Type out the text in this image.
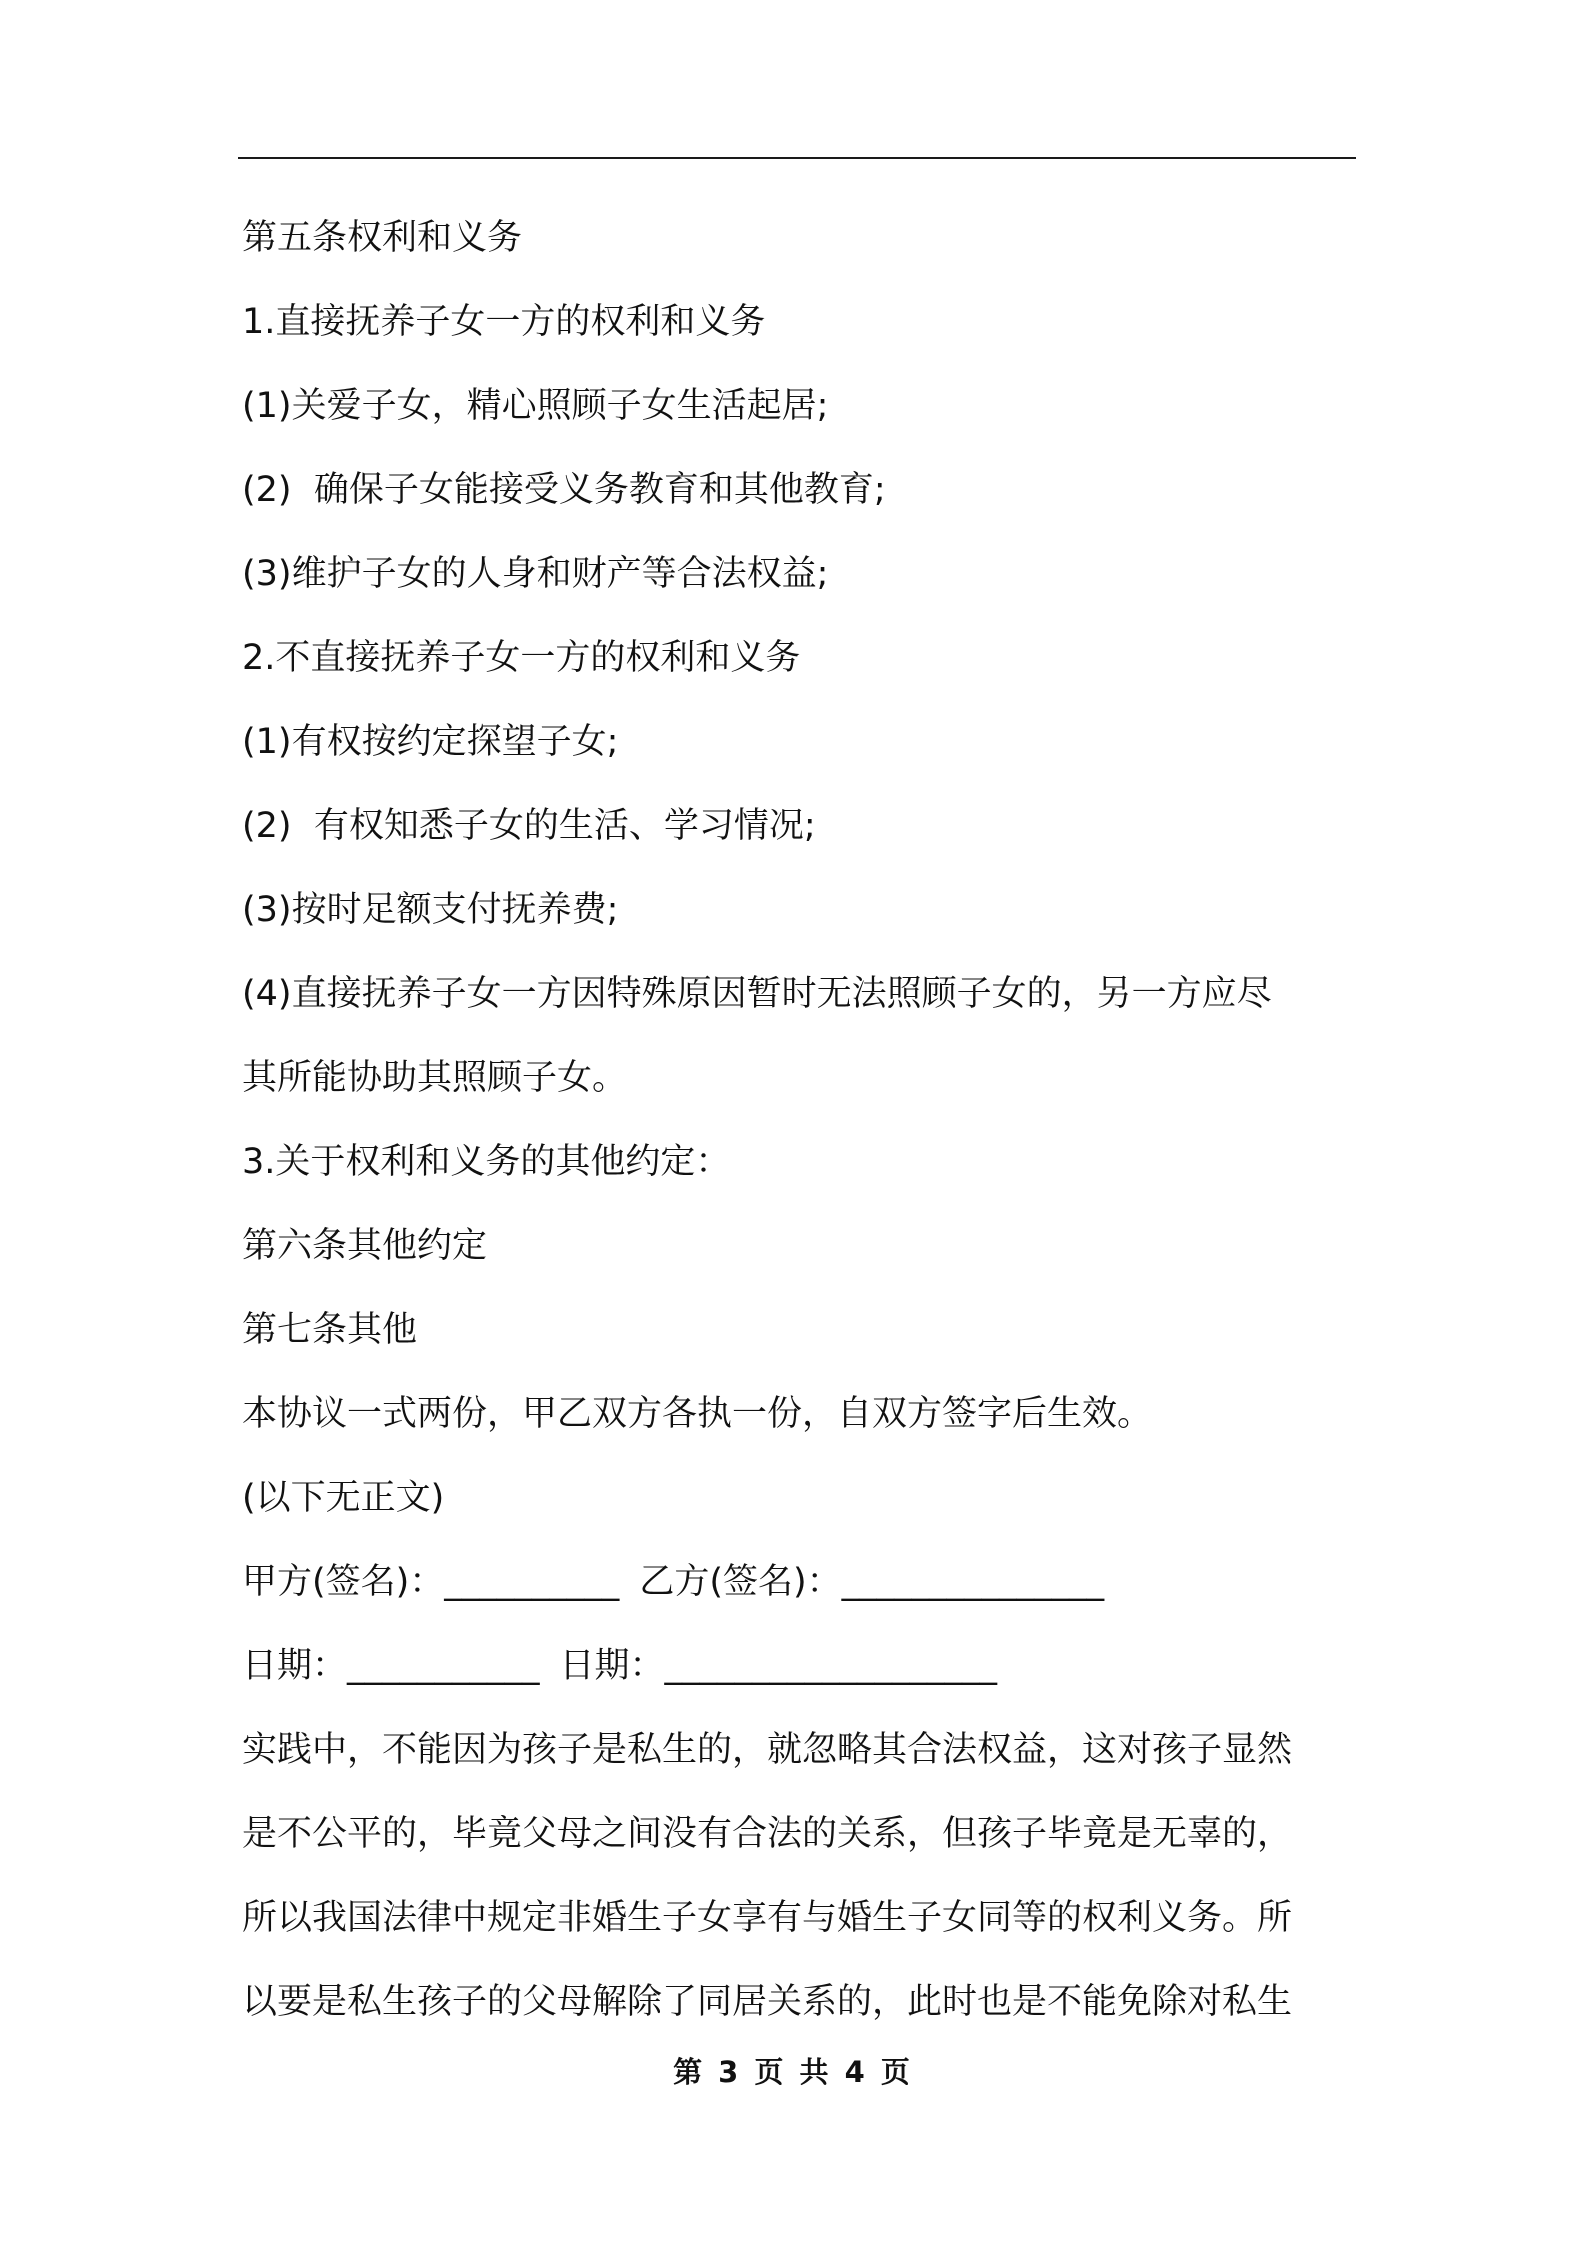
第五条权利和义务
1.直接抚养子女一方的权利和义务
(1)关爱子女，精心照顾子女生活起居;
(2)  确保子女能接受义务教育和其他教育;
(3)维护子女的人身和财产等合法权益;
2.不直接抚养子女一方的权利和义务
(1)有权按约定探望子女;
(2)  有权知悉子女的生活、学习情况;
(3)按时足额支付抚养费;
(4)直接抚养子女一方因特殊原因暂时无法照顾子女的，另一方应尽
其所能协助其照顾子女。
3.关于权利和义务的其他约定：
第六条其他约定
第七条其他
本协议一式两份，甲乙双方各执一份，自双方签字后生效。
(以下无正文)
甲方(签名)：__________ 乙方(签名)：_______________
日期：___________ 日期：___________________
实践中，不能因为孩子是私生的，就忽略其合法权益，这对孩子显然
是不公平的，毕竟父母之间没有合法的关系，但孩子毕竟是无辜的，
所以我国法律中规定非婚生子女享有与婚生子女同等的权利义务。所
以要是私生孩子的父母解除了同居关系的，此时也是不能免除对私生
第 3 页 共 4 页
